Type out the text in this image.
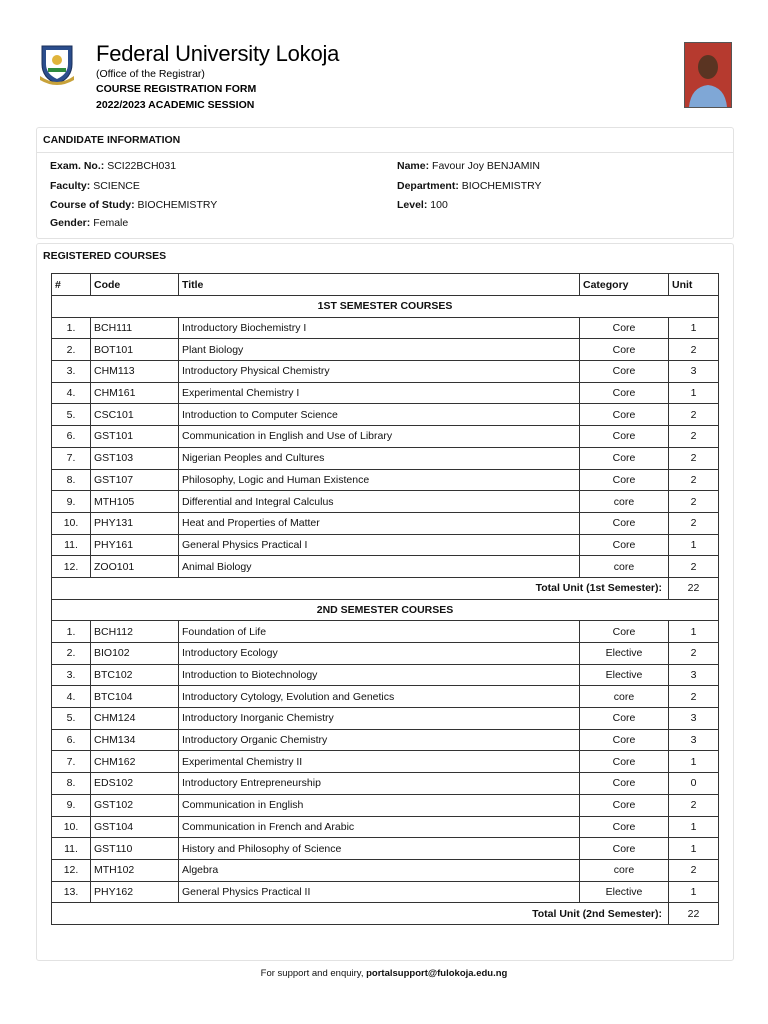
Federal University Lokoja
(Office of the Registrar)
COURSE REGISTRATION FORM
2022/2023 ACADEMIC SESSION
CANDIDATE INFORMATION
Exam. No.: SCI22BCH031
Faculty: SCIENCE
Course of Study: BIOCHEMISTRY
Gender: Female
Name: Favour Joy BENJAMIN
Department: BIOCHEMISTRY
Level: 100
REGISTERED COURSES
#	Code	Title	Category	Unit
1ST SEMESTER COURSES				
1.	BCH111	Introductory Biochemistry I	Core	1
2.	BOT101	Plant Biology	Core	2
3.	CHM113	Introductory Physical Chemistry	Core	3
4.	CHM161	Experimental Chemistry I	Core	1
5.	CSC101	Introduction to Computer Science	Core	2
6.	GST101	Communication in English and Use of Library	Core	2
7.	GST103	Nigerian Peoples and Cultures	Core	2
8.	GST107	Philosophy, Logic and Human Existence	Core	2
9.	MTH105	Differential and Integral Calculus	core	2
10.	PHY131	Heat and Properties of Matter	Core	2
11.	PHY161	General Physics Practical I	Core	1
12.	ZOO101	Animal Biology	core	2
Total Unit (1st Semester):				22
2ND SEMESTER COURSES				
1.	BCH112	Foundation of Life	Core	1
2.	BIO102	Introductory Ecology	Elective	2
3.	BTC102	Introduction to Biotechnology	Elective	3
4.	BTC104	Introductory Cytology, Evolution and Genetics	core	2
5.	CHM124	Introductory Inorganic Chemistry	Core	3
6.	CHM134	Introductory Organic Chemistry	Core	3
7.	CHM162	Experimental Chemistry II	Core	1
8.	EDS102	Introductory Entrepreneurship	Core	0
9.	GST102	Communication in English	Core	2
10.	GST104	Communication in French and Arabic	Core	1
11.	GST110	History and Philosophy of Science	Core	1
12.	MTH102	Algebra	core	2
13.	PHY162	General Physics Practical II	Elective	1
Total Unit (2nd Semester):				22
For support and enquiry, portalsupport@fulokoja.edu.ng
